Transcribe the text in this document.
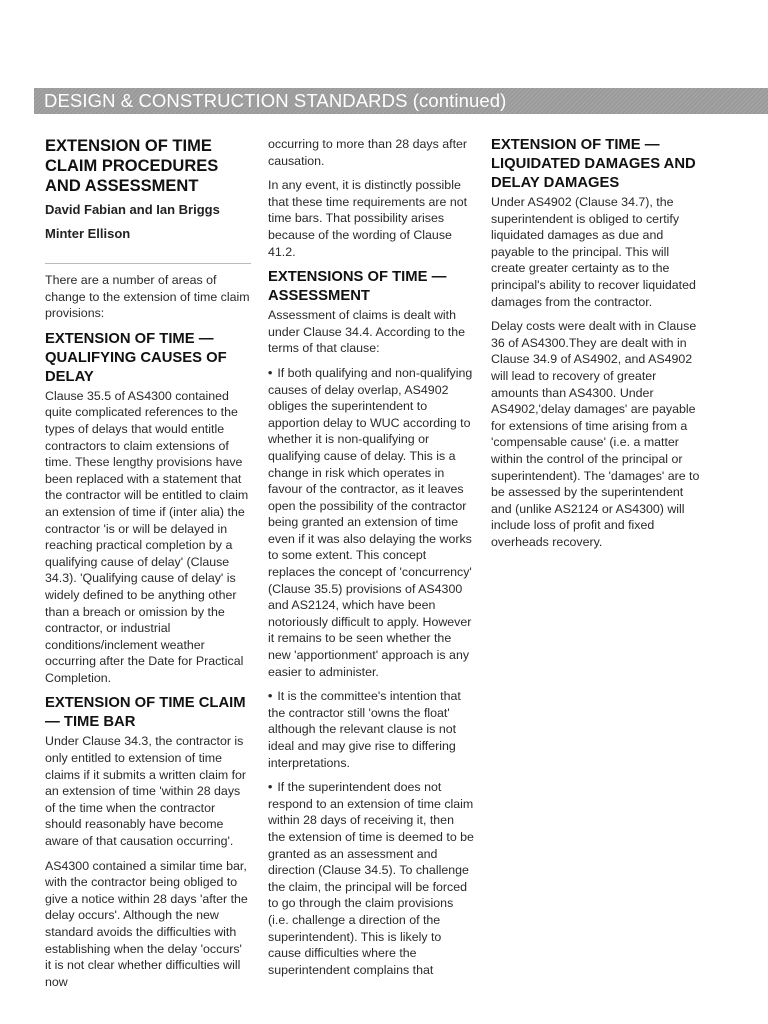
DESIGN & CONSTRUCTION STANDARDS (continued)
EXTENSION OF TIME CLAIM PROCEDURES AND ASSESSMENT
David Fabian and Ian Briggs
Minter Ellison

There are a number of areas of change to the extension of time claim provisions:

EXTENSION OF TIME — QUALIFYING CAUSES OF DELAY

Clause 35.5 of AS4300 contained quite complicated references to the types of delays that would entitle contractors to claim extensions of time. These lengthy provisions have been replaced with a statement that the contractor will be entitled to claim an extension of time if (inter alia) the contractor 'is or will be delayed in reaching practical completion by a qualifying cause of delay' (Clause 34.3). 'Qualifying cause of delay' is widely defined to be anything other than a breach or omission by the contractor, or industrial conditions/inclement weather occurring after the Date for Practical Completion.

EXTENSION OF TIME CLAIM — TIME BAR

Under Clause 34.3, the contractor is only entitled to extension of time claims if it submits a written claim for an extension of time 'within 28 days of the time when the contractor should reasonably have become aware of that causation occurring'.

AS4300 contained a similar time bar, with the contractor being obliged to give a notice within 28 days 'after the delay occurs'. Although the new standard avoids the difficulties with establishing when the delay 'occurs' it is not clear whether difficulties will now

occurring to more than 28 days after causation.

In any event, it is distinctly possible that these time requirements are not time bars. That possibility arises because of the wording of Clause 41.2.

EXTENSIONS OF TIME — ASSESSMENT

Assessment of claims is dealt with under Clause 34.4. According to the terms of that clause:

• If both qualifying and non-qualifying causes of delay overlap, AS4902 obliges the superintendent to apportion delay to WUC according to whether it is non-qualifying or qualifying cause of delay. This is a change in risk which operates in favour of the contractor, as it leaves open the possibility of the contractor being granted an extension of time even if it was also delaying the works to some extent. This concept replaces the concept of 'concurrency' (Clause 35.5) provisions of AS4300 and AS2124, which have been notoriously difficult to apply. However it remains to be seen whether the new 'apportionment' approach is any easier to administer.

• It is the committee's intention that the contractor still 'owns the float' although the relevant clause is not ideal and may give rise to differing interpretations.

• If the superintendent does not respond to an extension of time claim within 28 days of receiving it, then the extension of time is deemed to be granted as an assessment and direction (Clause 34.5). To challenge the claim, the principal will be forced to go through the claim provisions (i.e. challenge a direction of the superintendent). This is likely to cause difficulties where the superintendent complains that

EXTENSION OF TIME — LIQUIDATED DAMAGES AND DELAY DAMAGES

Under AS4902 (Clause 34.7), the superintendent is obliged to certify liquidated damages as due and payable to the principal. This will create greater certainty as to the principal's ability to recover liquidated damages from the contractor.

Delay costs were dealt with in Clause 36 of AS4300.They are dealt with in Clause 34.9 of AS4902, and AS4902 will lead to recovery of greater amounts than AS4300. Under AS4902,'delay damages' are payable for extensions of time arising from a 'compensable cause' (i.e. a matter within the control of the principal or superintendent). The 'damages' are to be assessed by the superintendent and (unlike AS2124 or AS4300) will include loss of profit and fixed overheads recovery.
